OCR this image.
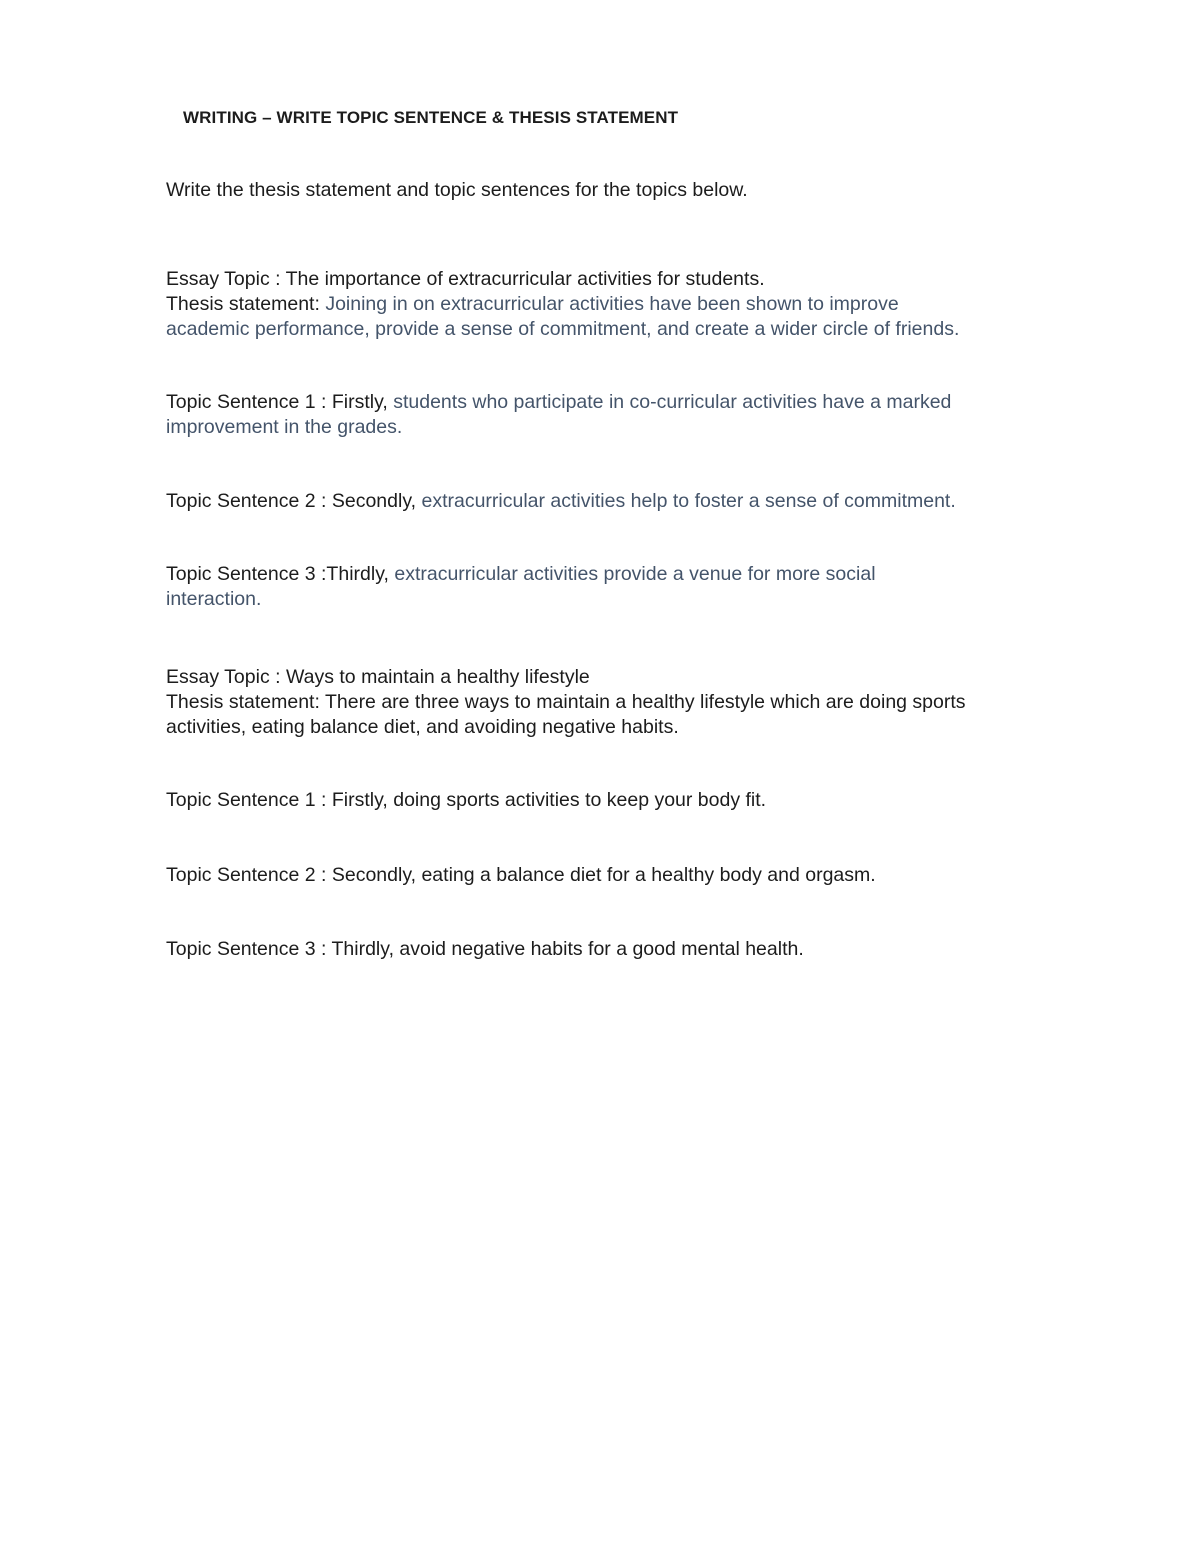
WRITING – WRITE TOPIC SENTENCE & THESIS STATEMENT
Write the thesis statement and topic sentences for the topics below.
Essay Topic : The importance of extracurricular activities for students.
Thesis statement: Joining in on extracurricular activities have been shown to improve
academic performance, provide a sense of commitment, and create a wider circle of friends.
Topic Sentence 1 : Firstly, students who participate in co-curricular activities have a marked
improvement in the grades.
Topic Sentence 2 : Secondly, extracurricular activities help to foster a sense of commitment.
Topic Sentence 3 :Thirdly, extracurricular activities provide a venue for more social
interaction.
Essay Topic : Ways to maintain a healthy lifestyle
Thesis statement: There are three ways to maintain a healthy lifestyle which are doing sports
activities, eating balance diet, and avoiding negative habits.
Topic Sentence 1 : Firstly, doing sports activities to keep your body fit.
Topic Sentence 2 : Secondly, eating a balance diet for a healthy body and orgasm.
Topic Sentence 3 : Thirdly, avoid negative habits for a good mental health.
